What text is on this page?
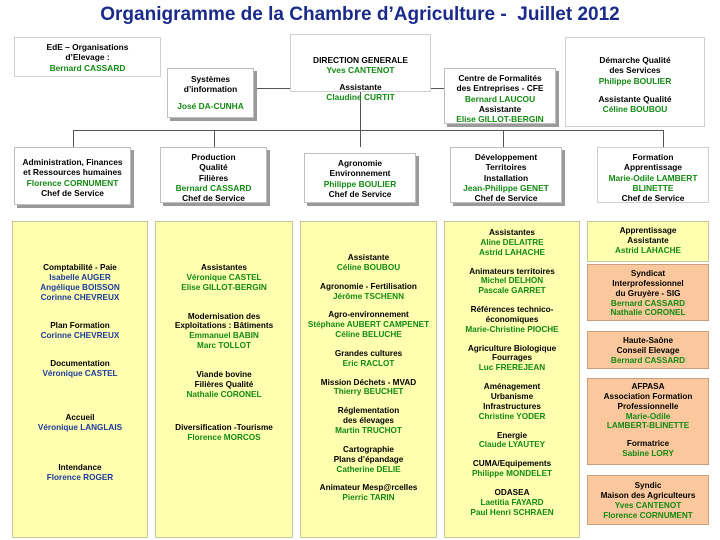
Organigramme de la Chambre d’Agriculture -  Juillet 2012
EdE – Organisations
d’Elevage :
Bernard CASSARD
Systèmes
d’information
José DA-CUNHA
DIRECTION GENERALE
Yves CANTENOT
Assistante
Claudine CURTIT
Centre de Formalités
des Entreprises - CFE
Bernard LAUCOU
Assistante
Elise GILLOT-BERGIN
Démarche Qualité
des Services
Philippe BOULIER
Assistante Qualité
Céline BOUBOU
Administration, Finances
et Ressources humaines
Florence CORNUMENT
Chef de Service
Production
Qualité
Filières
Bernard CASSARD
Chef de Service
Agronomie
Environnement
Philippe BOULIER
Chef de Service
Développement
Territoires
Installation
Jean-Philippe GENET
Chef de Service
Formation
Apprentissage
Marie-Odile LAMBERT BLINETTE
Chef de Service
Comptabilité - Paie
Isabelle AUGER
Angélique BOISSON
Corinne CHEVREUX
Plan Formation
Corinne CHEVREUX
Documentation
Véronique CASTEL
Accueil
Véronique LANGLAIS
Intendance
Florence ROGER
Assistantes
Véronique CASTEL
Elise GILLOT-BERGIN
Modernisation des
Exploitations : Bâtiments
Emmanuel BABIN
Marc TOLLOT
Viande bovine
Filières Qualité
Nathalie CORONEL
Diversification -Tourisme
Florence MORCOS
Assistante
Céline BOUBOU
Agronomie - Fertilisation
Jérôme TSCHENN
Agro-environnement
Stéphane AUBERT CAMPENET
Céline BELUCHE
Grandes cultures
Eric RACLOT
Mission Déchets - MVAD
Thierry BEUCHET
Réglementation
des élevages
Martin TRUCHOT
Cartographie
Plans d’épandage
Catherine DELIE
Animateur Mesp@rcelles
Pierric TARIN
Assistantes
Aline DELAITRE
Astrid LAHACHE
Animateurs territoires
Michel DELHON
Pascale GARRET
Références technico-
économiques
Marie-Christine PIOCHE
Agriculture Biologique
Fourrages
Luc FREREJEAN
Aménagement
Urbanisme
Infrastructures
Christine YODER
Energie
Claude LYAUTEY
CUMA/Equipements
Philippe MONDELET
ODASEA
Laetitia FAYARD
Paul Henri SCHRAEN
Apprentissage
Assistante
Astrid LAHACHE
Syndicat
Interprofessionnel
du Gruyère - SIG
Bernard CASSARD
Nathalie CORONEL
Haute-Saône
Conseil Elevage
Bernard CASSARD
AFPASA
Association Formation
Professionnelle
Marie-Odile
LAMBERT-BLINETTE
Formatrice
Sabine LORY
Syndic
Maison des Agriculteurs
Yves CANTENOT
Florence CORNUMENT
